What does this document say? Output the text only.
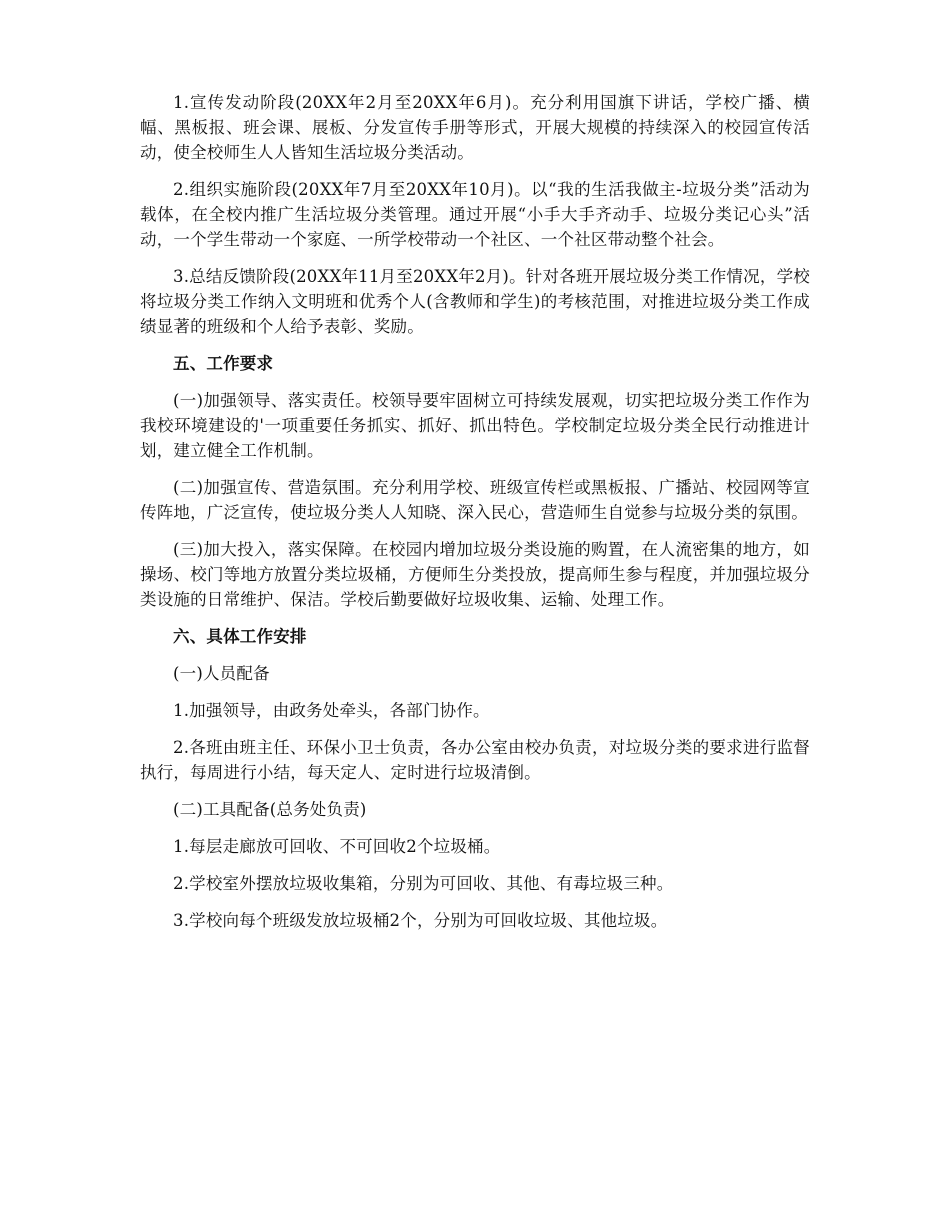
1.宣传发动阶段(20XX年2月至20XX年6月)。充分利用国旗下讲话，学校广播、横幅、黑板报、班会课、展板、分发宣传手册等形式，开展大规模的持续深入的校园宣传活动，使全校师生人人皆知生活垃圾分类活动。

2.组织实施阶段(20XX年7月至20XX年10月)。以“我的生活我做主-垃圾分类”活动为载体，在全校内推广生活垃圾分类管理。通过开展“小手大手齐动手、垃圾分类记心头”活动，一个学生带动一个家庭、一所学校带动一个社区、一个社区带动整个社会。

3.总结反馈阶段(20XX年11月至20XX年2月)。针对各班开展垃圾分类工作情况，学校将垃圾分类工作纳入文明班和优秀个人(含教师和学生)的考核范围，对推进垃圾分类工作成绩显著的班级和个人给予表彰、奖励。

五、工作要求

(一)加强领导、落实责任。校领导要牢固树立可持续发展观，切实把垃圾分类工作作为我校环境建设的'一项重要任务抓实、抓好、抓出特色。学校制定垃圾分类全民行动推进计划，建立健全工作机制。

(二)加强宣传、营造氛围。充分利用学校、班级宣传栏或黑板报、广播站、校园网等宣传阵地，广泛宣传，使垃圾分类人人知晓、深入民心，营造师生自觉参与垃圾分类的氛围。

(三)加大投入，落实保障。在校园内增加垃圾分类设施的购置，在人流密集的地方，如操场、校门等地方放置分类垃圾桶，方便师生分类投放，提高师生参与程度，并加强垃圾分类设施的日常维护、保洁。学校后勤要做好垃圾收集、运输、处理工作。

六、具体工作安排

(一)人员配备

1.加强领导，由政务处牵头，各部门协作。

2.各班由班主任、环保小卫士负责，各办公室由校办负责，对垃圾分类的要求进行监督执行，每周进行小结，每天定人、定时进行垃圾清倒。

(二)工具配备(总务处负责)

1.每层走廊放可回收、不可回收2个垃圾桶。

2.学校室外摆放垃圾收集箱，分别为可回收、其他、有毒垃圾三种。

3.学校向每个班级发放垃圾桶2个，分别为可回收垃圾、其他垃圾。
